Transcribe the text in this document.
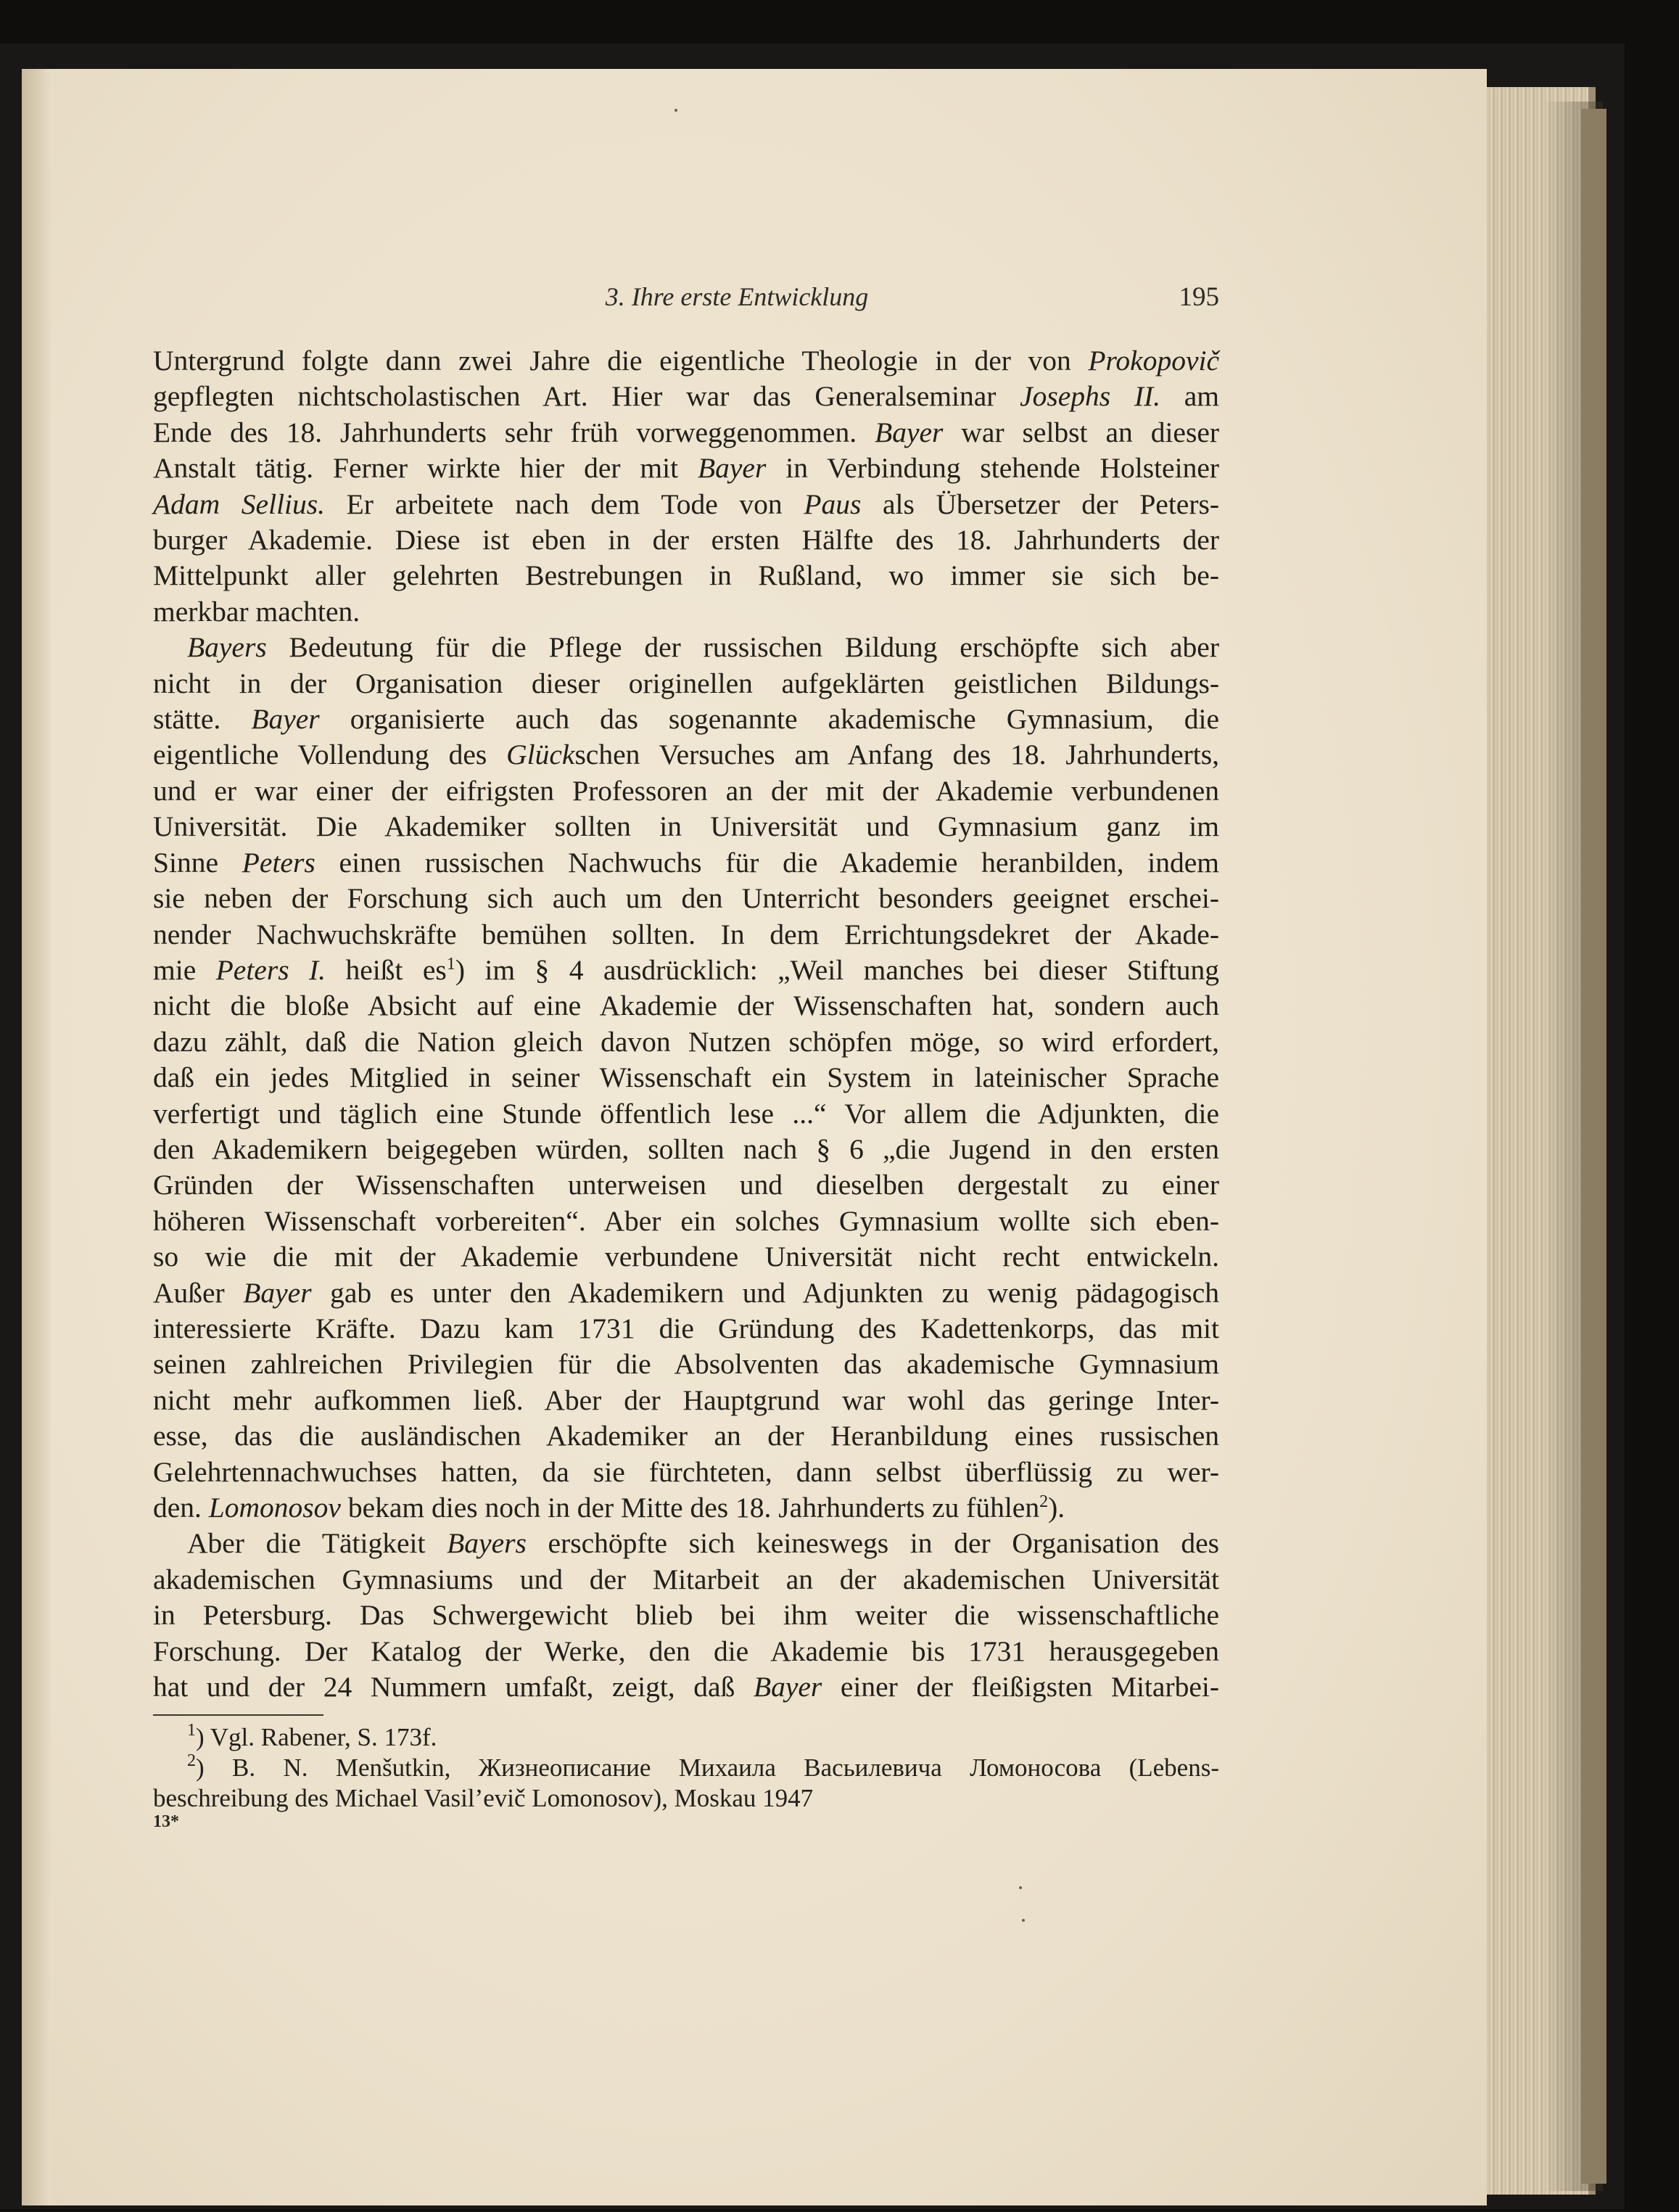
3. Ihre erste Entwicklung	195
Untergrund folgte dann zwei Jahre die eigentliche Theologie in der von Prokopovič
gepflegten nichtscholastischen Art. Hier war das Generalseminar Josephs II. am
Ende des 18. Jahrhunderts sehr früh vorweggenommen. Bayer war selbst an dieser
Anstalt tätig. Ferner wirkte hier der mit Bayer in Verbindung stehende Holsteiner
Adam Sellius. Er arbeitete nach dem Tode von Paus als Übersetzer der Peters-
burger Akademie. Diese ist eben in der ersten Hälfte des 18. Jahrhunderts der
Mittelpunkt aller gelehrten Bestrebungen in Rußland, wo immer sie sich be-
merkbar machten.
Bayers Bedeutung für die Pflege der russischen Bildung erschöpfte sich aber
nicht in der Organisation dieser originellen aufgeklärten geistlichen Bildungs-
stätte. Bayer organisierte auch das sogenannte akademische Gymnasium, die
eigentliche Vollendung des Glückschen Versuches am Anfang des 18. Jahrhunderts,
und er war einer der eifrigsten Professoren an der mit der Akademie verbundenen
Universität. Die Akademiker sollten in Universität und Gymnasium ganz im
Sinne Peters einen russischen Nachwuchs für die Akademie heranbilden, indem
sie neben der Forschung sich auch um den Unterricht besonders geeignet erschei-
nender Nachwuchskräfte bemühen sollten. In dem Errichtungsdekret der Akade-
mie Peters I. heißt $es^1$) im § 4 ausdrücklich: „Weil manches bei dieser Stiftung
nicht die bloße Absicht auf eine Akademie der Wissenschaften hat, sondern auch
dazu zählt, daß die Nation gleich davon Nutzen schöpfen möge, so wird erfordert,
daß ein jedes Mitglied in seiner Wissenschaft ein System in lateinischer Sprache
verfertigt und täglich eine Stunde öffentlich lese ...“ Vor allem die Adjunkten, die
den Akademikern beigegeben würden, sollten nach § 6 „die Jugend in den ersten
Gründen der Wissenschaften unterweisen und dieselben dergestalt zu einer
höheren Wissenschaft vorbereiten“. Aber ein solches Gymnasium wollte sich eben-
so wie die mit der Akademie verbundene Universität nicht recht entwickeln.
Außer Bayer gab es unter den Akademikern und Adjunkten zu wenig pädagogisch
interessierte Kräfte. Dazu kam 1731 die Gründung des Kadettenkorps, das mit
seinen zahlreichen Privilegien für die Absolventen das akademische Gymnasium
nicht mehr aufkommen ließ. Aber der Hauptgrund war wohl das geringe Inter-
esse, das die ausländischen Akademiker an der Heranbildung eines russischen
Gelehrtennachwuchses hatten, da sie fürchteten, dann selbst überflüssig zu wer-
den. Lomonosov bekam dies noch in der Mitte des 18. Jahrhunderts zu fühlen$^2$).
Aber die Tätigkeit Bayers erschöpfte sich keineswegs in der Organisation des
akademischen Gymnasiums und der Mitarbeit an der akademischen Universität
in Petersburg. Das Schwergewicht blieb bei ihm weiter die wissenschaftliche
Forschung. Der Katalog der Werke, den die Akademie bis 1731 herausgegeben
hat und der 24 Nummern umfaßt, zeigt, daß Bayer einer der fleißigsten Mitarbei-
$^1$) Vgl. Rabener, S. 173f.
$^2$) B. N. Menšutkin, Жизнеописание Михаила Васьилевича Ломоносова (Lebens-
beschreibung des Michael Vasil’evič Lomonosov), Moskau 1947
13*
